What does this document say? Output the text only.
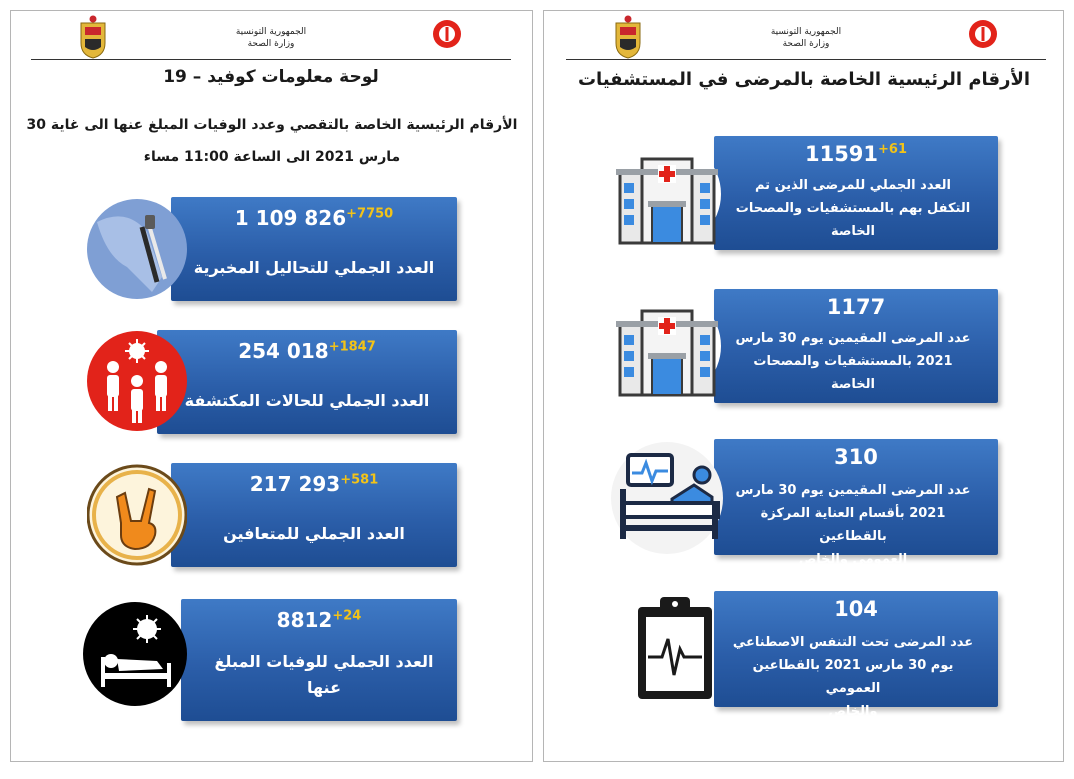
الجمهورية التونسية
وزارة الصحة
لوحة معلومات كوفيد – 19
الأرقام الرئيسية الخاصة بالتقصي وعدد الوفيات المبلغ عنها الى غاية 30
مارس 2021 الى الساعة 11:00 مساء
1 109 $826^{+7750}$
العدد الجملي للتحاليل المخبرية
254 $018^{+1847}$
العدد الجملي للحالات المكتشفة
217 $293^{+581}$
العدد الجملي للمتعافين
$8812^{+24}$
العدد الجملي للوفيات المبلغ عنها
الجمهورية التونسية
وزارة الصحة
الأرقام الرئيسية الخاصة بالمرضى في المستشفيات
$11591^{+61}$
العدد الجملي للمرضى الذين تم
التكفل بهم بالمستشفيات والمصحات
الخاصة
1177
عدد المرضى المقيمين يوم 30 مارس
2021 بالمستشفيات والمصحات
الخاصة
310
عدد المرضى المقيمين يوم 30 مارس
2021 بأقسام العناية المركزة بالقطاعين
العمومي والخاص
104
عدد المرضى تحت التنفس الاصطناعي
يوم 30 مارس 2021 بالقطاعين العمومي
والخاص
